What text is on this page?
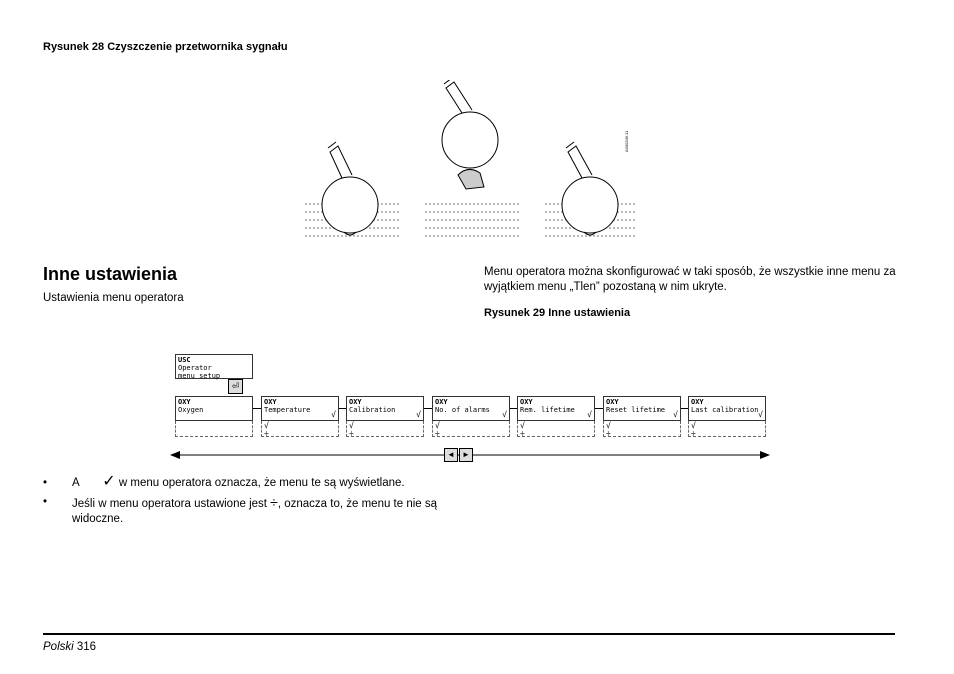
Rysunek 28 Czyszczenie przetwornika sygnału
A900349.11
Inne ustawienia
Ustawienia menu operatora
Menu operatora można skonfigurować w taki sposób, że wszystkie inne menu za wyjątkiem menu „Tlen” pozostaną w nim ukryte.
Rysunek 29 Inne ustawienia
USC
Operator
menu setup
⏎
OXY
Oxygen
OXY
Temperature	√
√
÷
OXY
Calibration	√
√
÷
OXY
No. of alarms	√
√
÷
OXY
Rem. lifetime	√
√
÷
OXY
Reset lifetime	√
√
÷
OXY
Last calibration √
√
÷
◄ ►
• A ✓ w menu operatora oznacza, że menu te są wyświetlane.
•	Jeśli w menu operatora ustawione jest ÷, oznacza to, że menu te nie są widoczne.
Polski 316
